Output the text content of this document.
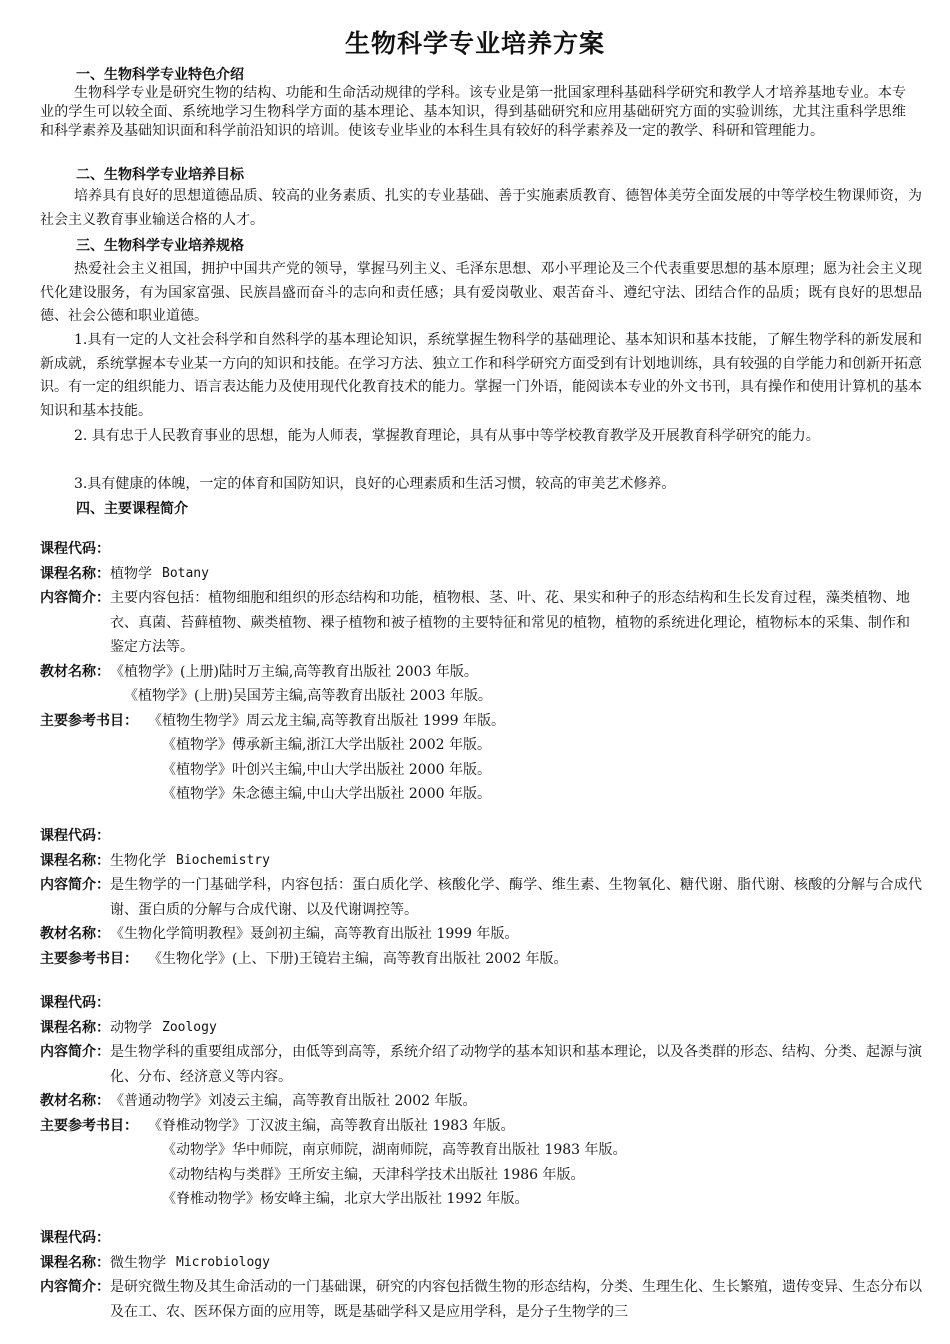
生物科学专业培养方案
一、生物科学专业特色介绍
生物科学专业是研究生物的结构、功能和生命活动规律的学科。该专业是第一批国家理科基础科学研究和教学人才培养基地专业。本专业的学生可以较全面、系统地学习生物科学方面的基本理论、基本知识，得到基础研究和应用基础研究方面的实验训练，尤其注重科学思维和科学素养及基础知识面和科学前沿知识的培训。使该专业毕业的本科生具有较好的科学素养及一定的教学、科研和管理能力。
二、生物科学专业培养目标
培养具有良好的思想道德品质、较高的业务素质、扎实的专业基础、善于实施素质教育、德智体美劳全面发展的中等学校生物课师资，为社会主义教育事业输送合格的人才。
三、生物科学专业培养规格
热爱社会主义祖国，拥护中国共产党的领导，掌握马列主义、毛泽东思想、邓小平理论及三个代表重要思想的基本原理；愿为社会主义现代化建设服务，有为国家富强、民族昌盛而奋斗的志向和责任感；具有爱岗敬业、艰苦奋斗、遵纪守法、团结合作的品质；既有良好的思想品德、社会公德和职业道德。
1.具有一定的人文社会科学和自然科学的基本理论知识，系统掌握生物科学的基础理论、基本知识和基本技能，了解生物学科的新发展和新成就，系统掌握本专业某一方向的知识和技能。在学习方法、独立工作和科学研究方面受到有计划地训练，具有较强的自学能力和创新开拓意识。有一定的组织能力、语言表达能力及使用现代化教育技术的能力。掌握一门外语，能阅读本专业的外文书刊，具有操作和使用计算机的基本知识和基本技能。
2. 具有忠于人民教育事业的思想，能为人师表，掌握教育理论，具有从事中等学校教育教学及开展教育科学研究的能力。
3.具有健康的体魄，一定的体育和国防知识，良好的心理素质和生活习惯，较高的审美艺术修养。
四、主要课程简介
课程代码：
课程名称： 植物学 Botany
内容简介： 主要内容包括：植物细胞和组织的形态结构和功能，植物根、茎、叶、花、果实和种子的形态结构和生长发育过程，藻类植物、地衣、真菌、苔藓植物、蕨类植物、裸子植物和被子植物的主要特征和常见的植物，植物的系统进化理论，植物标本的采集、制作和鉴定方法等。
教材名称： 《植物学》(上册)陆时万主编,高等教育出版社 2003 年版。
《植物学》(上册)吴国芳主编,高等教育出版社 2003 年版。
主要参考书目： 《植物生物学》周云龙主编,高等教育出版社 1999 年版。
《植物学》傅承新主编,浙江大学出版社 2002 年版。
《植物学》叶创兴主编,中山大学出版社 2000 年版。
《植物学》朱念德主编,中山大学出版社 2000 年版。
课程代码：
课程名称： 生物化学 Biochemistry
内容简介： 是生物学的一门基础学科，内容包括：蛋白质化学、核酸化学、酶学、维生素、生物氧化、糖代谢、脂代谢、核酸的分解与合成代谢、蛋白质的分解与合成代谢、以及代谢调控等。
教材名称： 《生物化学简明教程》聂剑初主编，高等教育出版社 1999 年版。
主要参考书目： 《生物化学》(上、下册)王镜岩主编，高等教育出版社 2002 年版。
课程代码：
课程名称： 动物学 Zoology
内容简介： 是生物学科的重要组成部分，由低等到高等，系统介绍了动物学的基本知识和基本理论，以及各类群的形态、结构、分类、起源与演化、分布、经济意义等内容。
教材名称： 《普通动物学》刘凌云主编，高等教育出版社 2002 年版。
主要参考书目： 《脊椎动物学》丁汉波主编，高等教育出版社 1983 年版。
《动物学》华中师院，南京师院，湖南师院，高等教育出版社 1983 年版。
《动物结构与类群》王所安主编，天津科学技术出版社 1986 年版。
《脊椎动物学》杨安峰主编，北京大学出版社 1992 年版。
课程代码：
课程名称： 微生物学 Microbiology
内容简介： 是研究微生物及其生命活动的一门基础课，研究的内容包括微生物的形态结构，分类、生理生化、生长繁殖，遗传变异、生态分布以及在工、农、医环保方面的应用等，既是基础学科又是应用学科，是分子生物学的三
